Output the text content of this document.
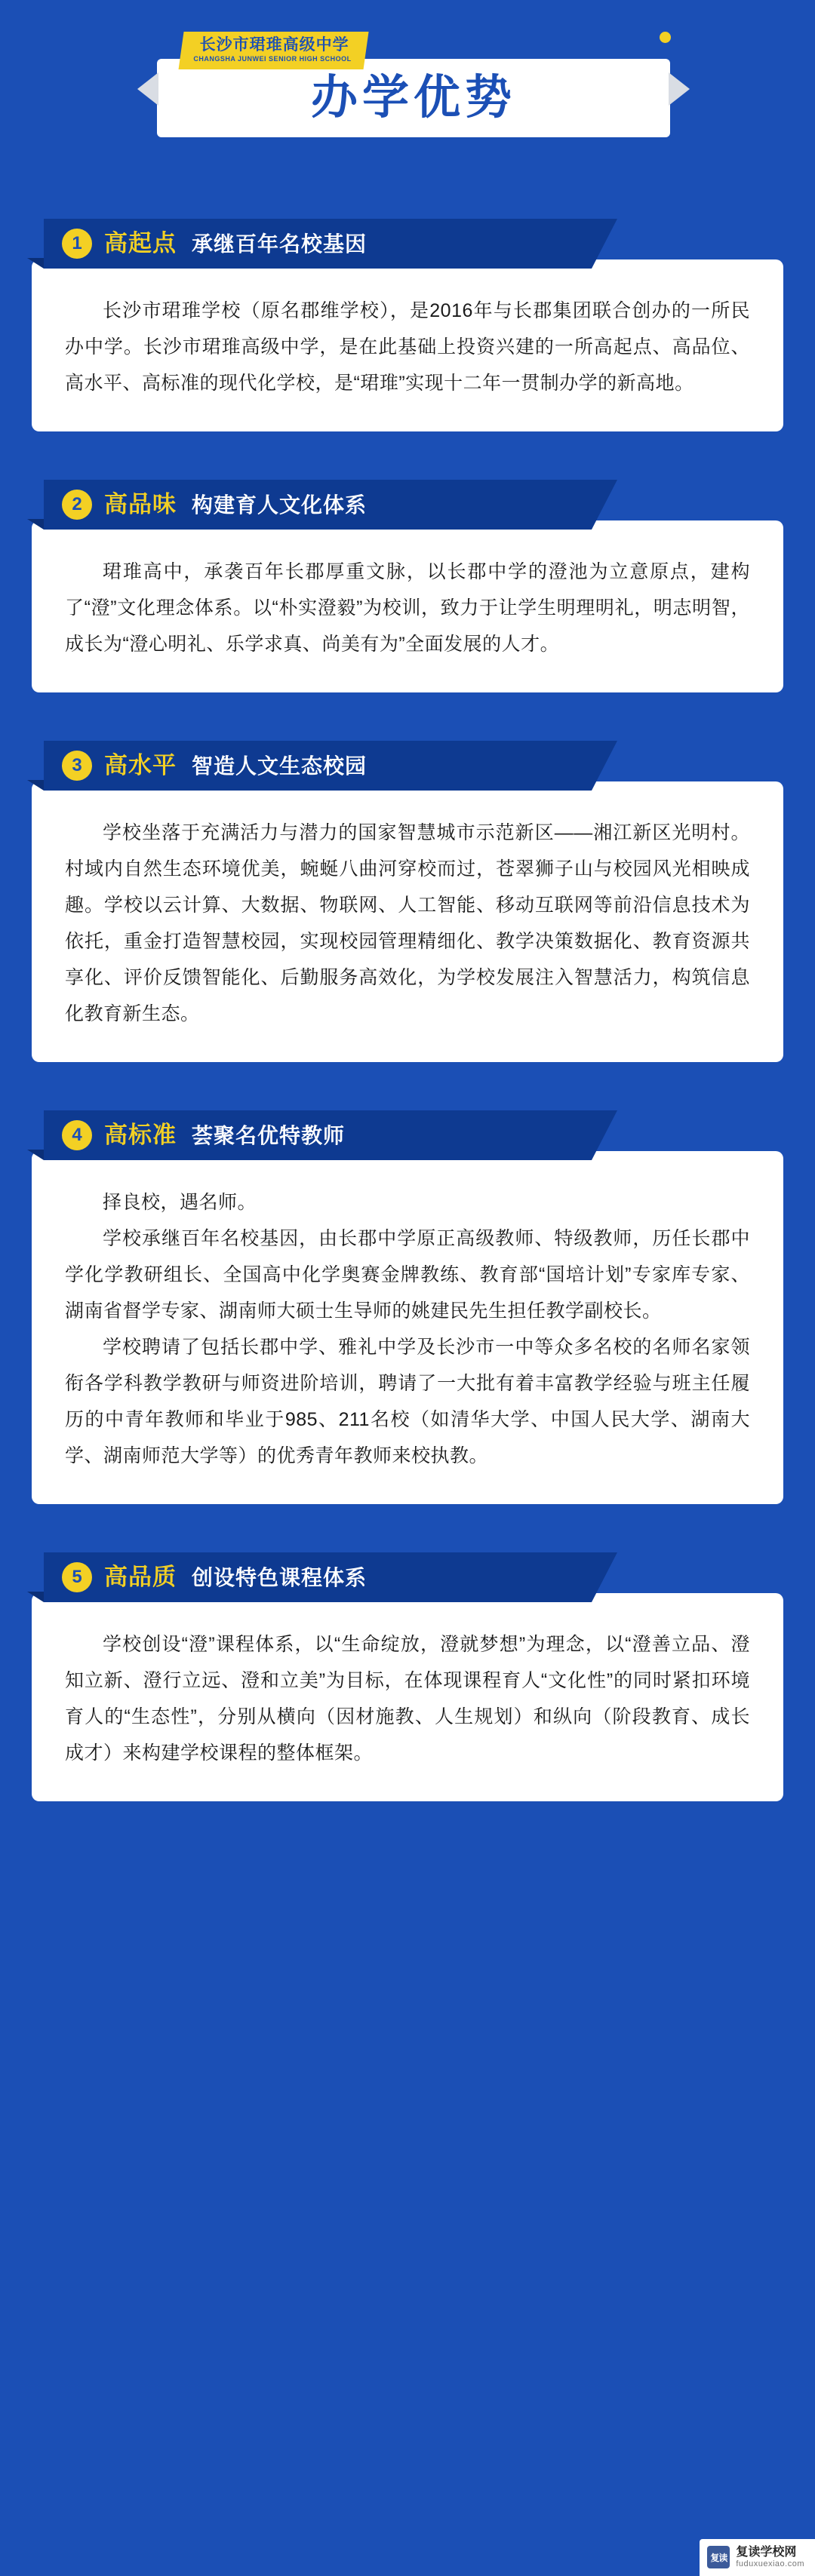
长沙市珺琟高级中学
CHANGSHA JUNWEI SENIOR HIGH SCHOOL
办学优势
1 高起点 承继百年名校基因

长沙市珺琟学校（原名郡维学校），是2016年与长郡集团联合创办的一所民办中学。长沙市珺琟高级中学，是在此基础上投资兴建的一所高起点、高品位、高水平、高标准的现代化学校，是“珺琟”实现十二年一贯制办学的新高地。

2 高品味 构建育人文化体系

珺琟高中，承袭百年长郡厚重文脉，以长郡中学的澄池为立意原点，建构了“澄”文化理念体系。以“朴实澄毅”为校训，致力于让学生明理明礼，明志明智，成长为“澄心明礼、乐学求真、尚美有为”全面发展的人才。

3 高水平 智造人文生态校园

学校坐落于充满活力与潜力的国家智慧城市示范新区——湘江新区光明村。村域内自然生态环境优美，蜿蜒八曲河穿校而过，苍翠狮子山与校园风光相映成趣。学校以云计算、大数据、物联网、人工智能、移动互联网等前沿信息技术为依托，重金打造智慧校园，实现校园管理精细化、教学决策数据化、教育资源共享化、评价反馈智能化、后勤服务高效化，为学校发展注入智慧活力，构筑信息化教育新生态。

4 高标准 荟聚名优特教师

择良校，遇名师。

学校承继百年名校基因，由长郡中学原正高级教师、特级教师，历任长郡中学化学教研组长、全国高中化学奥赛金牌教练、教育部“国培计划”专家库专家、湖南省督学专家、湖南师大硕士生导师的姚建民先生担任教学副校长。

学校聘请了包括长郡中学、雅礼中学及长沙市一中等众多名校的名师名家领衔各学科教学教研与师资进阶培训，聘请了一大批有着丰富教学经验与班主任履历的中青年教师和毕业于985、211名校（如清华大学、中国人民大学、湖南大学、湖南师范大学等）的优秀青年教师来校执教。

5 高品质 创设特色课程体系

学校创设“澄”课程体系，以“生命绽放，澄就梦想”为理念，以“澄善立品、澄知立新、澄行立远、澄和立美”为目标，在体现课程育人“文化性”的同时紧扣环境育人的“生态性”，分别从横向（因材施教、人生规划）和纵向（阶段教育、成长成才）来构建学校课程的整体框架。

复读 复读学校网
fuduxuexiao.com
